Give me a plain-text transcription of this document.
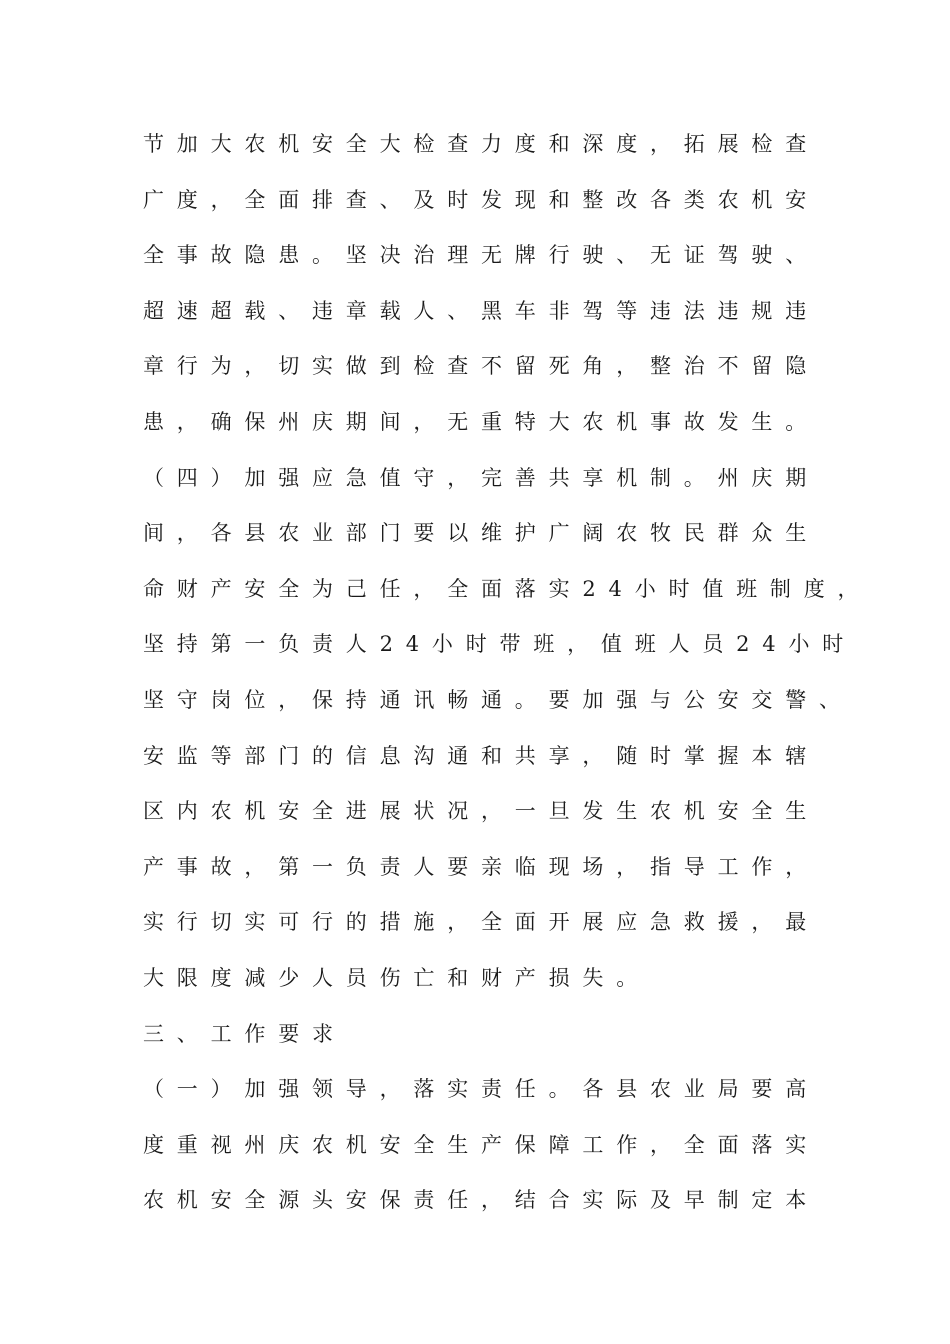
节加大农机安全大检查力度和深度，拓展检查
广度，全面排查、及时发现和整改各类农机安
全事故隐患。坚决治理无牌行驶、无证驾驶、
超速超载、违章载人、黑车非驾等违法违规违
章行为，切实做到检查不留死角，整治不留隐
患，确保州庆期间，无重特大农机事故发生。
（四）加强应急值守，完善共享机制。州庆期
间，各县农业部门要以维护广阔农牧民群众生
命财产安全为己任，全面落实24小时值班制度，
坚持第一负责人24小时带班，值班人员24小时
坚守岗位，保持通讯畅通。要加强与公安交警、
安监等部门的信息沟通和共享，随时掌握本辖
区内农机安全进展状况，一旦发生农机安全生
产事故，第一负责人要亲临现场，指导工作，
实行切实可行的措施，全面开展应急救援，最
大限度减少人员伤亡和财产损失。
三、工作要求
（一）加强领导，落实责任。各县农业局要高
度重视州庆农机安全生产保障工作，全面落实
农机安全源头安保责任，结合实际及早制定本
